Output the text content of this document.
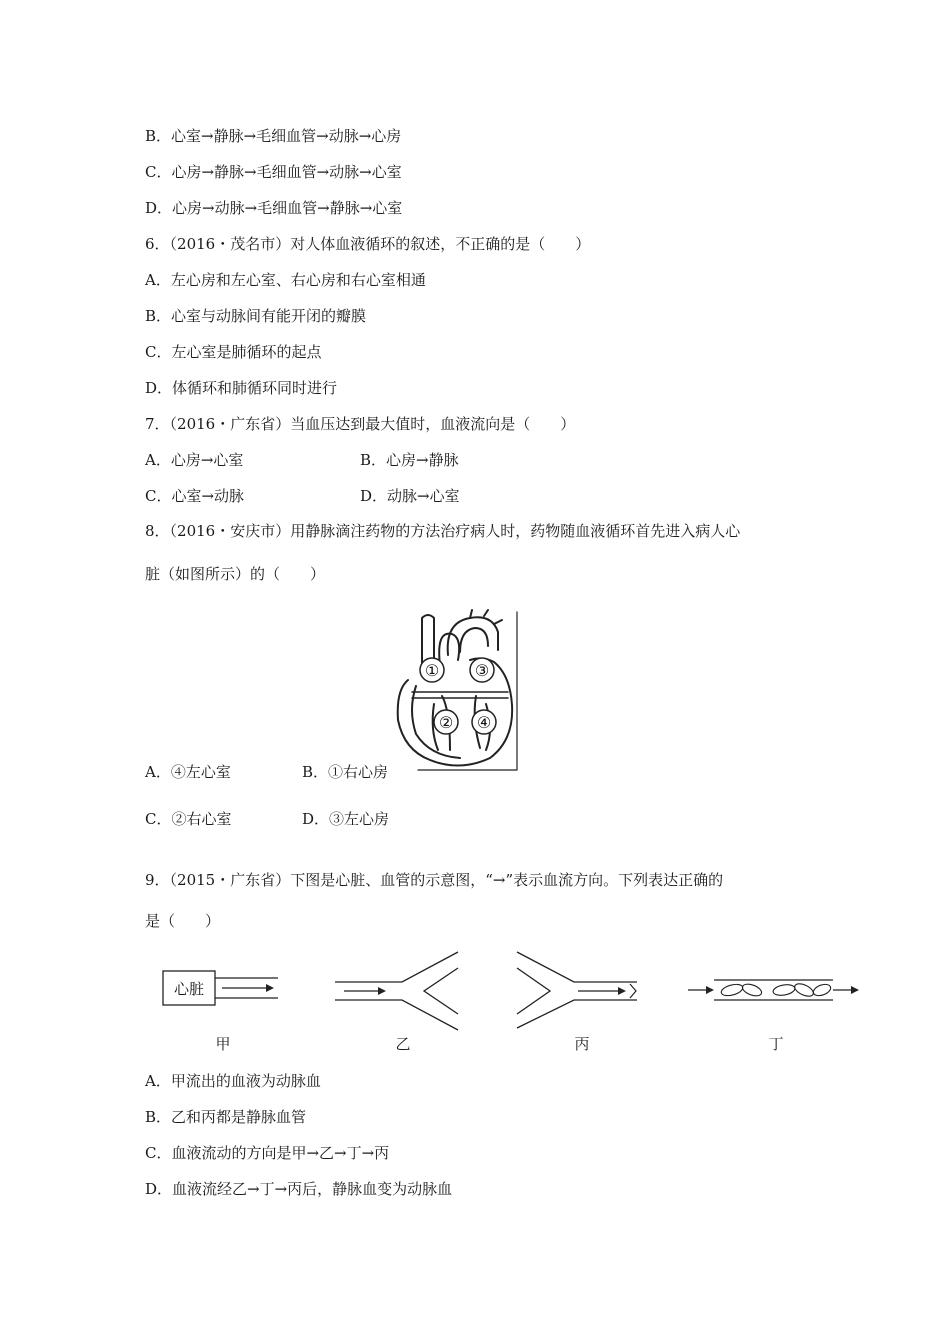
B．心室→静脉→毛细血管→动脉→心房
C．心房→静脉→毛细血管→动脉→心室
D．心房→动脉→毛细血管→静脉→心室
6．（2016・茂名市）对人体血液循环的叙述，不正确的是（　　）
A．左心房和左心室、右心房和右心室相通
B．心室与动脉间有能开闭的瓣膜
C．左心室是肺循环的起点
D．体循环和肺循环同时进行
7．（2016・广东省）当血压达到最大值时，血液流向是（　　）
A．心房→心室	B．心房→静脉
C．心室→动脉	D．动脉→心室
8．（2016・安庆市）用静脉滴注药物的方法治疗病人时，药物随血液循环首先进入病人心
脏（如图所示）的（　　）
①
②
③
④
A．④左心室	B．①右心房
C．②右心室	D．③左心房
9．（2015・广东省）下图是心脏、血管的示意图，“→”表示血流方向。下列表达正确的
是（　　）
心脏
甲	乙	丙	丁
A．甲流出的血液为动脉血
B．乙和丙都是静脉血管
C．血液流动的方向是甲→乙→丁→丙
D．血液流经乙→丁→丙后，静脉血变为动脉血
